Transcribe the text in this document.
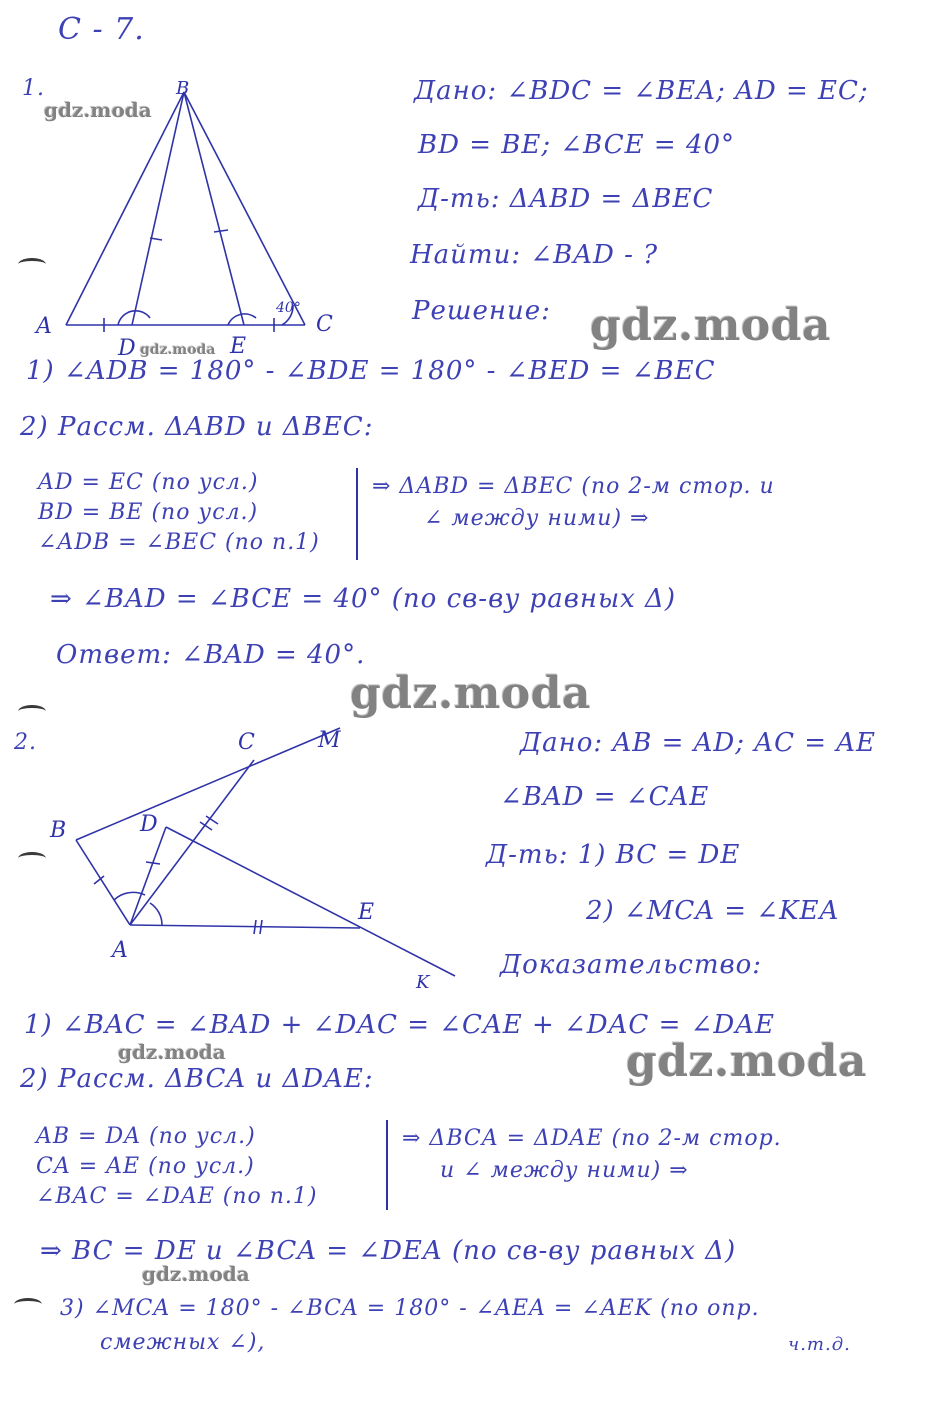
C - 7.
1.	B
A
D	E
C
40°
Дано: ∠BDC = ∠BEA; AD = EC;
BD = BE; ∠BCE = 40°
Д-ть: ΔABD = ΔBEC
Найти: ∠BAD - ?
Решение:
1) ∠ADB = 180° - ∠BDE = 180° - ∠BED = ∠BEC
2) Рассм. ΔABD и ΔBEC:
AD = EC (по усл.)
BD = BE (по усл.)
∠ADB = ∠BEC (по п.1)
⇒ ΔABD = ΔBEC (по 2-м стор. и
∠ между ними) ⇒
⇒ ∠BAD = ∠BCE = 40° (по св-ву равных Δ)
Ответ: ∠BAD = 40°.
2.
B
C	M
D
A
E
K
Дано: AB = AD; AC = AE
∠BAD = ∠CAE
Д-ть: 1) BC = DE
2) ∠MCA = ∠KEA
Доказательство:
1) ∠BAC = ∠BAD + ∠DAC = ∠CAE + ∠DAC = ∠DAE
2) Рассм. ΔBCA и ΔDAE:
AB = DA (по усл.)
CA = AE (по усл.)
∠BAC = ∠DAE (по п.1)
⇒ ΔBCA = ΔDAE (по 2-м стор.
и ∠ между ними) ⇒
⇒ BC = DE и ∠BCA = ∠DEA (по св-ву равных Δ)
3) ∠MCA = 180° - ∠BCA = 180° - ∠AEA = ∠AEK (по опр.
смежных ∠),	ч.т.д.
gdz.moda
gdz.moda	gdz.moda
gdz.moda
gdz.moda	gdz.moda
gdz.moda
